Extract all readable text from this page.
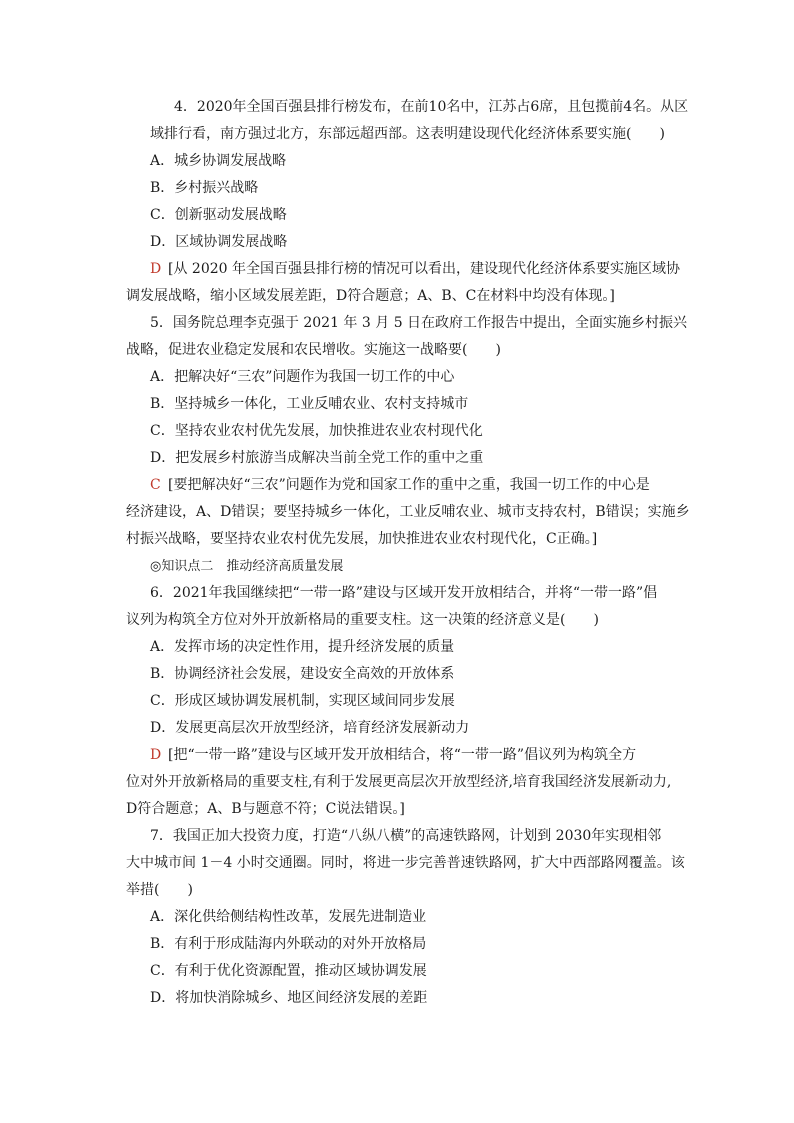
4．2020年全国百强县排行榜发布，在前10名中，江苏占6席，且包揽前4名。从区
域排行看，南方强过北方，东部远超西部。这表明建设现代化经济体系要实施(　　)
A．城乡协调发展战略
B．乡村振兴战略
C．创新驱动发展战略
D．区域协调发展战略
D [从 2020 年全国百强县排行榜的情况可以看出，建设现代化经济体系要实施区域协
调发展战略，缩小区域发展差距，D符合题意；A、B、C在材料中均没有体现。]
5．国务院总理李克强于 2021 年 3 月 5 日在政府工作报告中提出，全面实施乡村振兴
战略，促进农业稳定发展和农民增收。实施这一战略要(　　)
A．把解决好“三农”问题作为我国一切工作的中心
B．坚持城乡一体化，工业反哺农业、农村支持城市
C．坚持农业农村优先发展，加快推进农业农村现代化
D．把发展乡村旅游当成解决当前全党工作的重中之重
C [要把解决好“三农”问题作为党和国家工作的重中之重，我国一切工作的中心是
经济建设，A、D错误；要坚持城乡一体化，工业反哺农业、城市支持农村，B错误；实施乡
村振兴战略，要坚持农业农村优先发展，加快推进农业农村现代化，C正确。]
◎知识点二　推动经济高质量发展
6．2021年我国继续把“一带一路”建设与区域开发开放相结合，并将“一带一路”倡
议列为构筑全方位对外开放新格局的重要支柱。这一决策的经济意义是(　　)
A．发挥市场的决定性作用，提升经济发展的质量
B．协调经济社会发展，建设安全高效的开放体系
C．形成区域协调发展机制，实现区域间同步发展
D．发展更高层次开放型经济，培育经济发展新动力
D [把“一带一路”建设与区域开发开放相结合，将“一带一路”倡议列为构筑全方
位对外开放新格局的重要支柱,有利于发展更高层次开放型经济,培育我国经济发展新动力,
D符合题意；A、B与题意不符；C说法错误。]
7．我国正加大投资力度，打造“八纵八横”的高速铁路网，计划到 2030年实现相邻
大中城市间 1－4 小时交通圈。同时，将进一步完善普速铁路网，扩大中西部路网覆盖。该
举措(　　)
A．深化供给侧结构性改革，发展先进制造业
B．有利于形成陆海内外联动的对外开放格局
C．有利于优化资源配置，推动区域协调发展
D．将加快消除城乡、地区间经济发展的差距
